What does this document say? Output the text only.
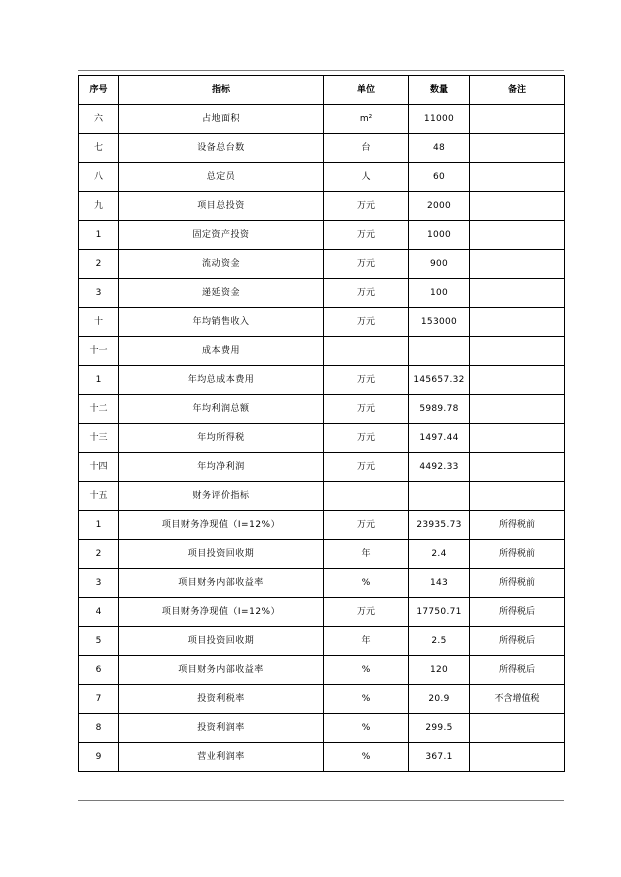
序号	指标	单位	数量	备注
六	占地面积	m²	11000	
七	设备总台数	台	48	
八	总定员	人	60	
九	项目总投资	万元	2000	
1	固定资产投资	万元	1000	
2	流动资金	万元	900	
3	递延资金	万元	100	
十	年均销售收入	万元	153000	
十一	成本费用			
1	年均总成本费用	万元	145657.32	
十二	年均利润总额	万元	5989.78	
十三	年均所得税	万元	1497.44	
十四	年均净利润	万元	4492.33	
十五	财务评价指标			
1	项目财务净现值（I=12%）	万元	23935.73	所得税前
2	项目投资回收期	年	2.4	所得税前
3	项目财务内部收益率	%	143	所得税前
4	项目财务净现值（I=12%）	万元	17750.71	所得税后
5	项目投资回收期	年	2.5	所得税后
6	项目财务内部收益率	%	120	所得税后
7	投资利税率	%	20.9	不含增值税
8	投资利润率	%	299.5	
9	营业利润率	%	367.1	
